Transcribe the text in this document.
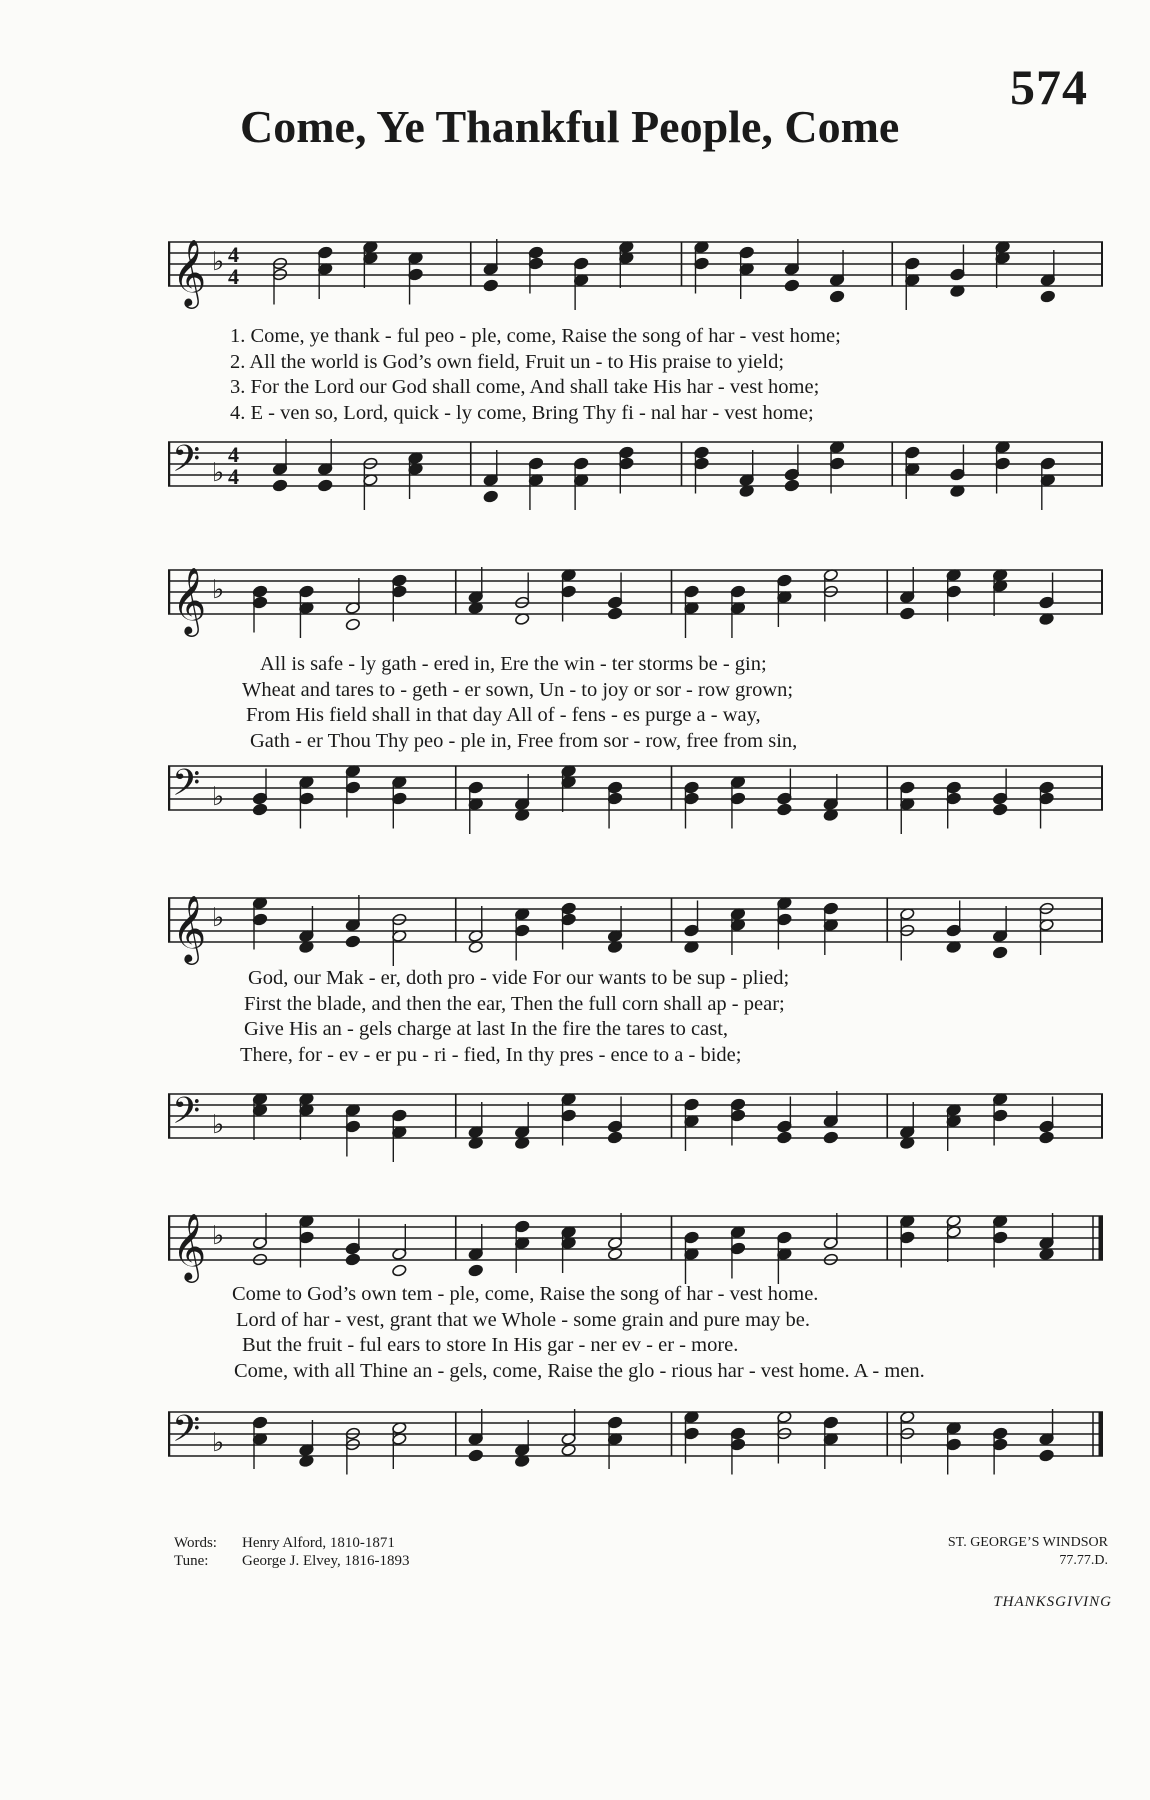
574
Come, Ye Thankful People, Come
𝄞 ♭ 4
4
1. Come, ye thank - ful peo - ple, come, Raise the song of har - vest home;
2. All the world is God’s own field, Fruit un - to His praise to yield;
3. For the Lord our God shall come, And shall take His har - vest home;
4. E - ven so, Lord, quick - ly come, Bring Thy fi - nal har - vest home;
𝄢 ♭
4
4
𝄞 ♭
All is safe - ly gath - ered in, Ere the win - ter storms be - gin;
Wheat and tares to - geth - er sown, Un - to joy or sor - row grown;
From His field shall in that day All of - fens - es purge a - way,
Gath - er Thou Thy peo - ple in, Free from sor - row, free from sin,
𝄢 ♭
𝄞 ♭
God, our Mak - er, doth pro - vide For our wants to be sup - plied;
First the blade, and then the ear, Then the full corn shall ap - pear;
Give His an - gels charge at last In the fire the tares to cast,
There, for - ev - er pu - ri - fied, In thy pres - ence to a - bide;
𝄢 ♭
𝄞 ♭
Come to God’s own tem - ple, come, Raise the song of har - vest home.
Lord of har - vest, grant that we Whole - some grain and pure may be.
But the fruit - ful ears to store In His gar - ner ev - er - more.
Come, with all Thine an - gels, come, Raise the glo - rious har - vest home. A - men.
𝄢 ♭
Words: Henry Alford, 1810-1871
Tune: George J. Elvey, 1816-1893
ST. GEORGE’S WINDSOR
77.77.D.
THANKSGIVING
